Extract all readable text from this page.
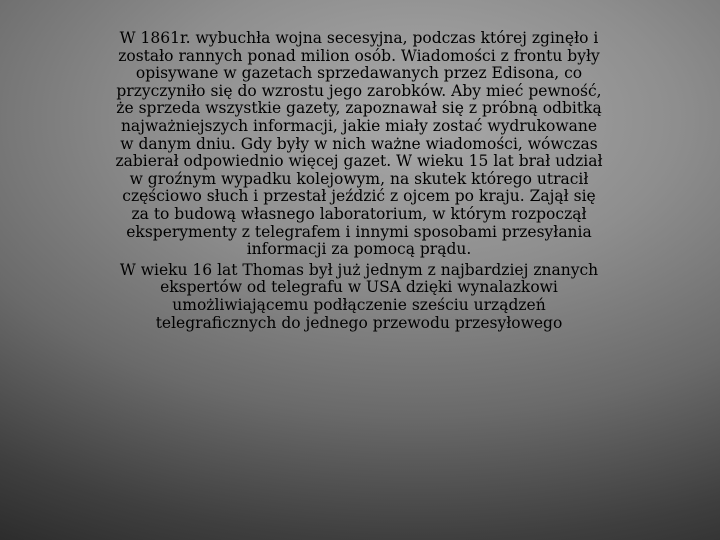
W 1861r. wybuchła wojna secesyjna, podczas której zginęło i zostało rannych ponad milion osób. Wiadomości z frontu były opisywane w gazetach sprzedawanych przez Edisona, co przyczyniło się do wzrostu jego zarobków. Aby mieć pewność, że sprzeda wszystkie gazety, zapoznawał się z próbną odbitką najważniejszych informacji, jakie miały zostać wydrukowane w danym dniu. Gdy były w nich ważne wiadomości, wówczas zabierał odpowiednio więcej gazet. W wieku 15 lat brał udział w groźnym wypadku kolejowym, na skutek którego utracił częściowo słuch i przestał jeździć z ojcem po kraju. Zajął się za to budową własnego laboratorium, w którym rozpoczął eksperymenty z telegrafem i innymi sposobami przesyłania informacji za pomocą prądu.

W wieku 16 lat Thomas był już jednym z najbardziej znanych ekspertów od telegrafu w USA dzięki wynalazkowi umożliwiającemu podłączenie sześciu urządzeń telegraficznych do jednego przewodu przesyłowego
